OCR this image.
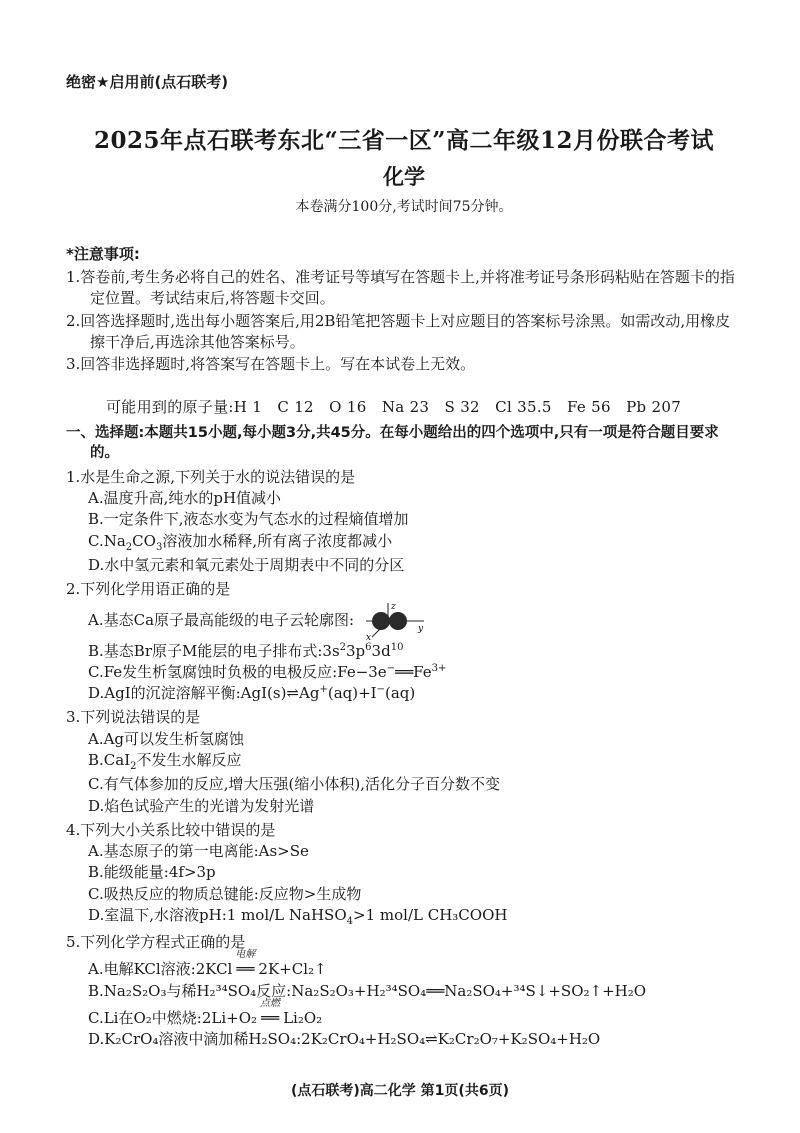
绝密★启用前(点石联考)
2025年点石联考东北“三省一区”高二年级12月份联合考试
化学
本卷满分100分,考试时间75分钟。
*注意事项:

1.答卷前,考生务必将自己的姓名、准考证号等填写在答题卡上,并将准考证号条形码粘贴在答题卡的指定位置。考试结束后,将答题卡交回。

2.回答选择题时,选出每小题答案后,用2B铅笔把答题卡上对应题目的答案标号涂黑。如需改动,用橡皮擦干净后,再选涂其他答案标号。

3.回答非选择题时,将答案写在答题卡上。写在本试卷上无效。

可能用到的原子量:H 1　C 12　O 16　Na 23　S 32　Cl 35.5　Fe 56　Pb 207
一、选择题:本题共15小题,每小题3分,共45分。在每小题给出的四个选项中,只有一项是符合题目要求的。
1.水是生命之源,下列关于水的说法错误的是

A.温度升高,纯水的pH值减小

B.一定条件下,液态水变为气态水的过程熵值增加

$C.Na_2CO_3$溶液加水稀释,所有离子浓度都减小

D.水中氢元素和氧元素处于周期表中不同的分区

2.下列化学用语正确的是
A.基态Ca原子最高能级的电子云轮廓图:
z
y
x

B.基态Br原子M能层的电子排布式$:3s^23p^63d^{10}$

C.Fe发生析氢腐蚀时负极的电极反应$:Fe-3e^-══Fe^{3+}$

D.AgI的沉淀溶解平衡:AgI(s)⇌Ag+(aq)+I−(aq)

3.下列说法错误的是

A.Ag可以发生析氢腐蚀

B.CaI$_2$不发生水解反应

C.有气体参加的反应,增大压强(缩小体积),活化分子百分数不变

D.焰色试验产生的光谱为发射光谱

4.下列大小关系比较中错误的是

A.基态原子的第一电离能:As>Se

B.能级能量:4f>3p

C.吸热反应的物质总键能:反应物>生成物

D.室温下,水溶液pH:1 mol/L NaHSO$_4$>1 mol/L CH₃COOH

5.下列化学方程式正确的是

A.电解KCl溶液:2KCl
电解
══ 2K+Cl₂↑

B.Na₂S₂O₃与稀H₂³⁴SO₄反应:Na₂S₂O₃+H₂³⁴SO₄══Na₂SO₄+³⁴S↓+SO₂↑+H₂O

C.Li在O₂中燃烧:2Li+O₂
点燃
══ Li₂O₂

D.K₂CrO₄溶液中滴加稀H₂SO₄:2K₂CrO₄+H₂SO₄⇌K₂Cr₂O₇+K₂SO₄+H₂O

(点石联考)高二化学 第1页(共6页)
